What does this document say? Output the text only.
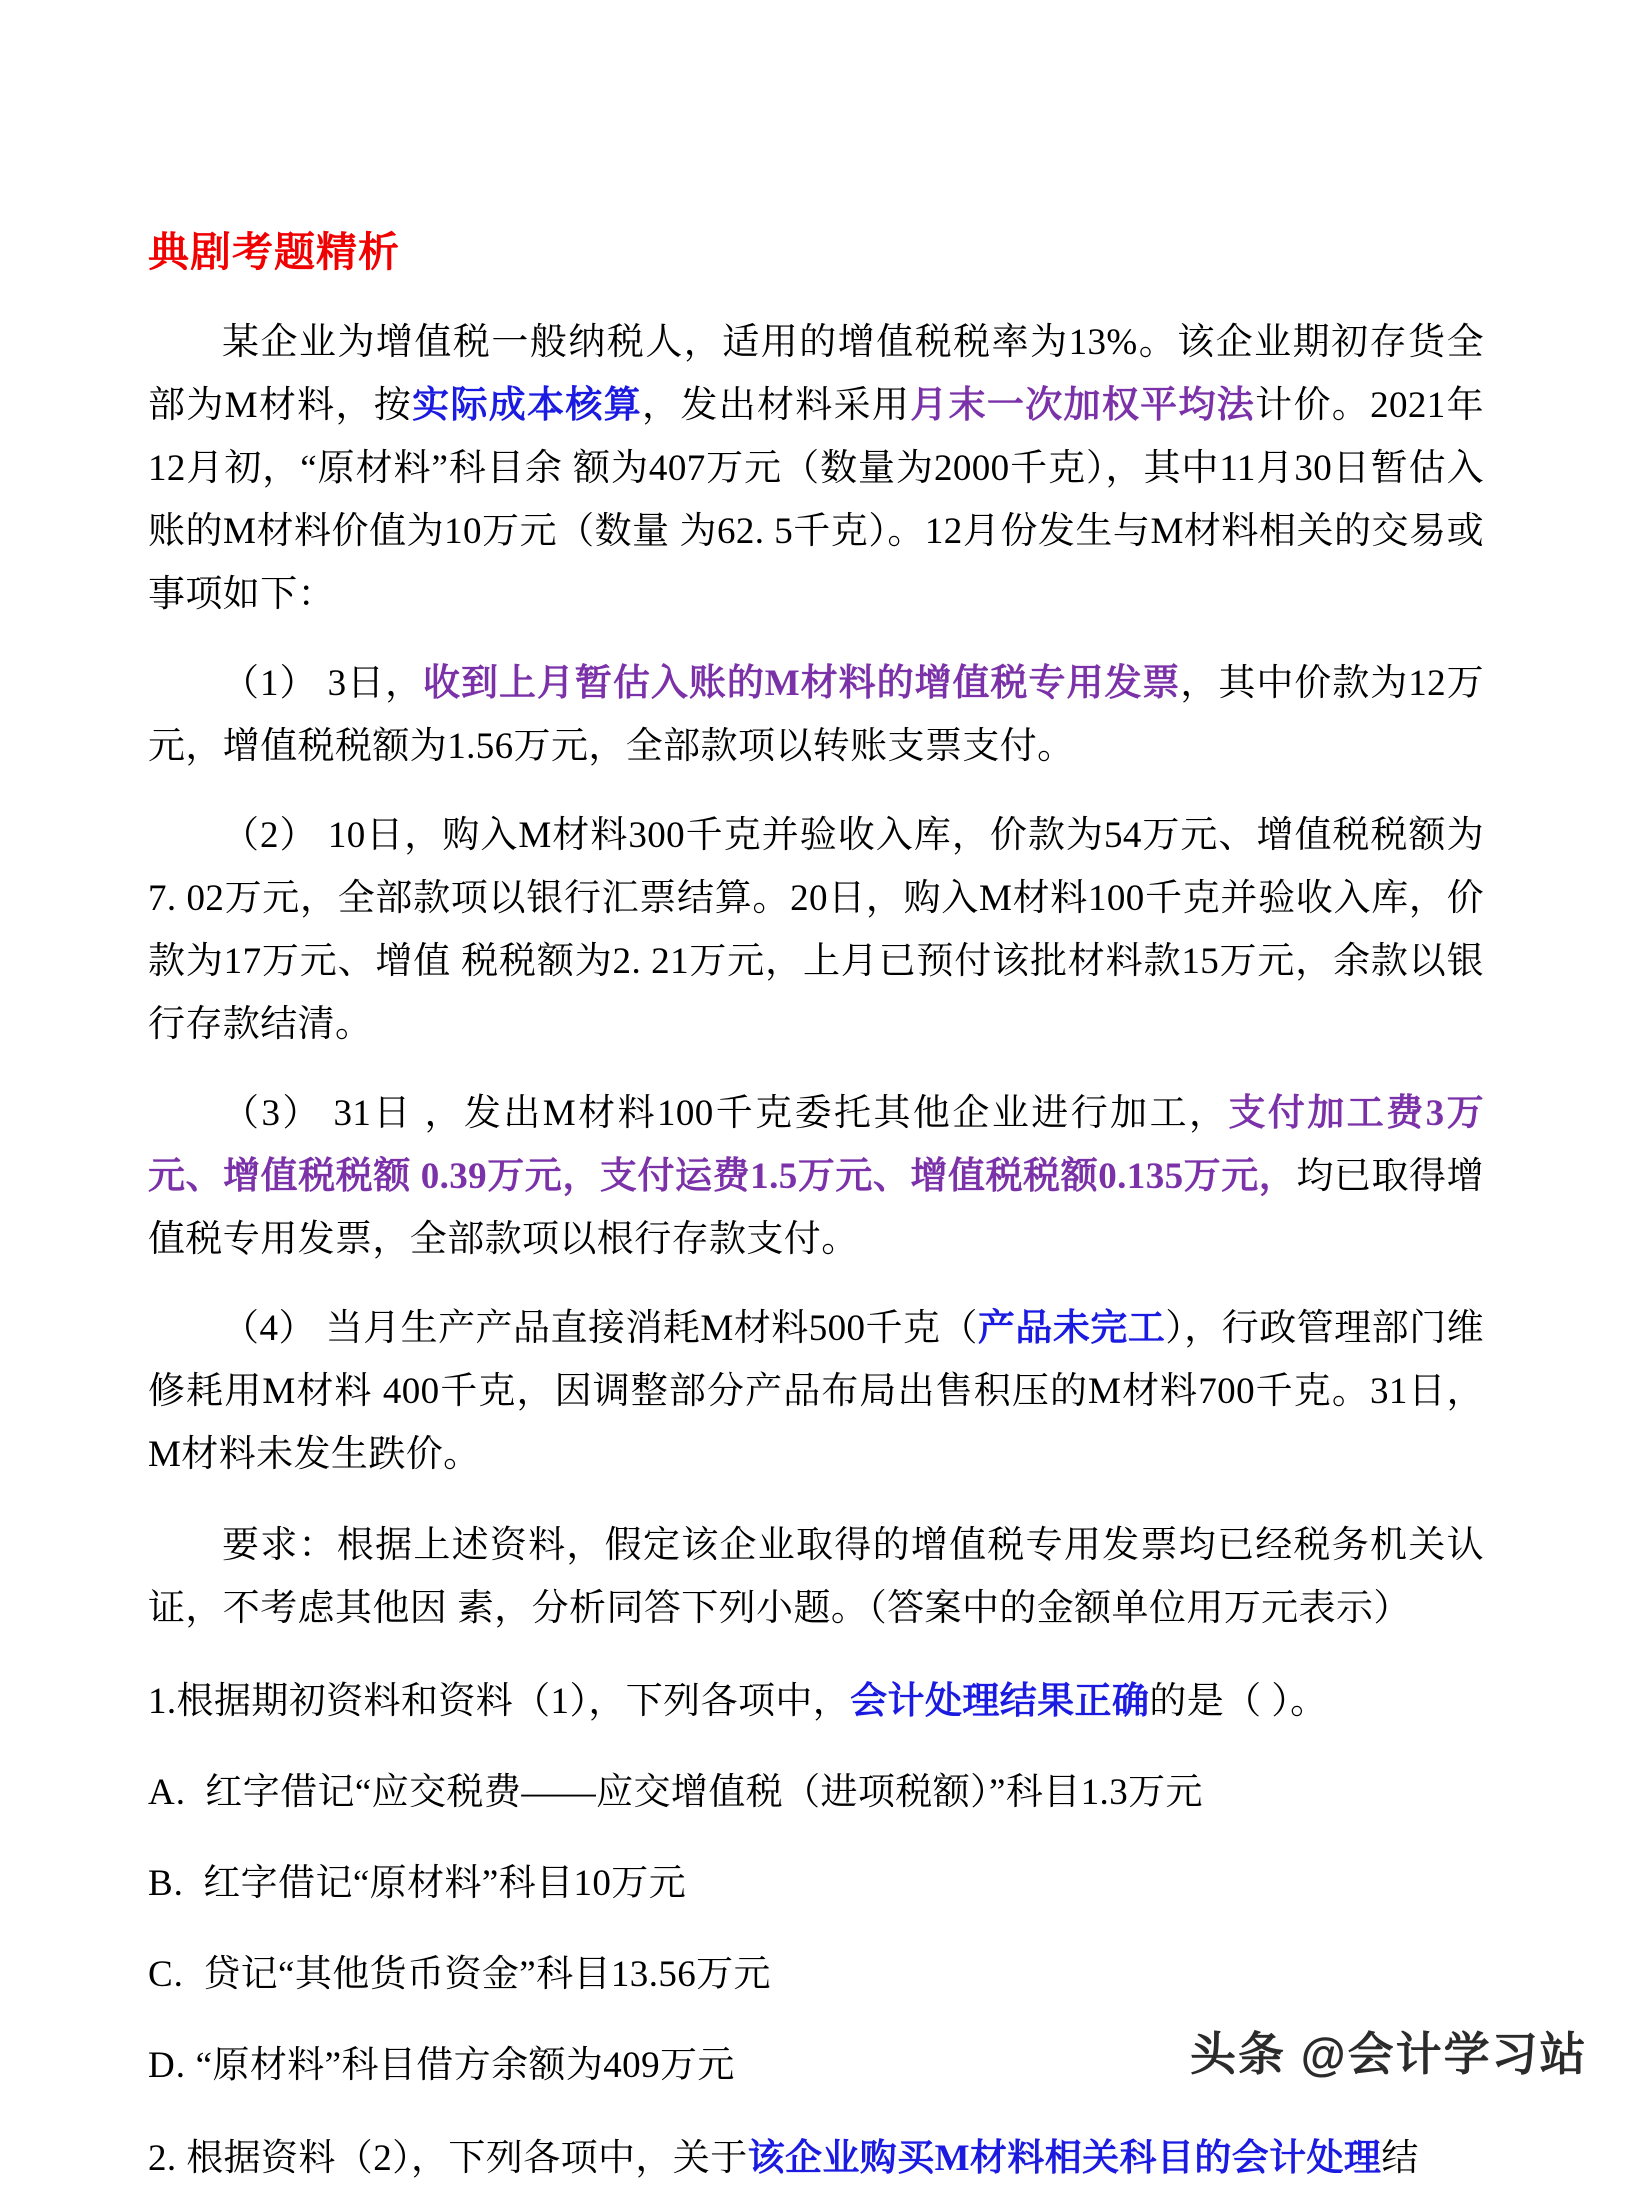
典剧考题精析

某企业为增值税一般纳税人，适用的增值税税率为13%。该企业期初存货全部为M材料，按实际成本核算，发出材料采用月末一次加权平均法计价。2021年12月初，“原材料”科目余 额为407万元（数量为2000千克），其中11月30日暂估入账的M材料价值为10万元（数量 为62. 5千克）。12月份发生与M材料相关的交易或事项如下：

（1） 3日，收到上月暂估入账的M材料的增值税专用发票，其中价款为12万元，增值税税额为1.56万元，全部款项以转账支票支付。

（2） 10日，购入M材料300千克并验收入库，价款为54万元、增值税税额为7. 02万元，全部款项以银行汇票结算。20日，购入M材料100千克并验收入库，价款为17万元、增值 税税额为2. 21万元，上月已预付该批材料款15万元，余款以银行存款结清。

（3） 31日 ，发出M材料100千克委托其他企业进行加工，支付加工费3万元、增值税税额 0.39万元，支付运费1.5万元、增值税税额0.135万元，均已取得增值税专用发票，全部款项以根行存款支付。

（4） 当月生产产品直接消耗M材料500千克（产品未完工），行政管理部门维修耗用M材料 400千克，因调整部分产品布局出售积压的M材料700千克。31日，M材料未发生跌价。

要求：根据上述资料，假定该企业取得的增值税专用发票均已经税务机关认证，不考虑其他因 素，分析同答下列小题。（答案中的金额单位用万元表示）

1.根据期初资料和资料（1），下列各项中，会计处理结果正确的是（ ）。

A. 红字借记“应交税费——应交增值税（进项税额）”科目1.3万元

B. 红字借记“原材料”科目10万元

C. 贷记“其他货币资金”科目13.56万元

D. “原材料”科目借方余额为409万元

2. 根据资料（2），下列各项中，关于该企业购买M材料相关科目的会计处理结

头条 @会计学习站
